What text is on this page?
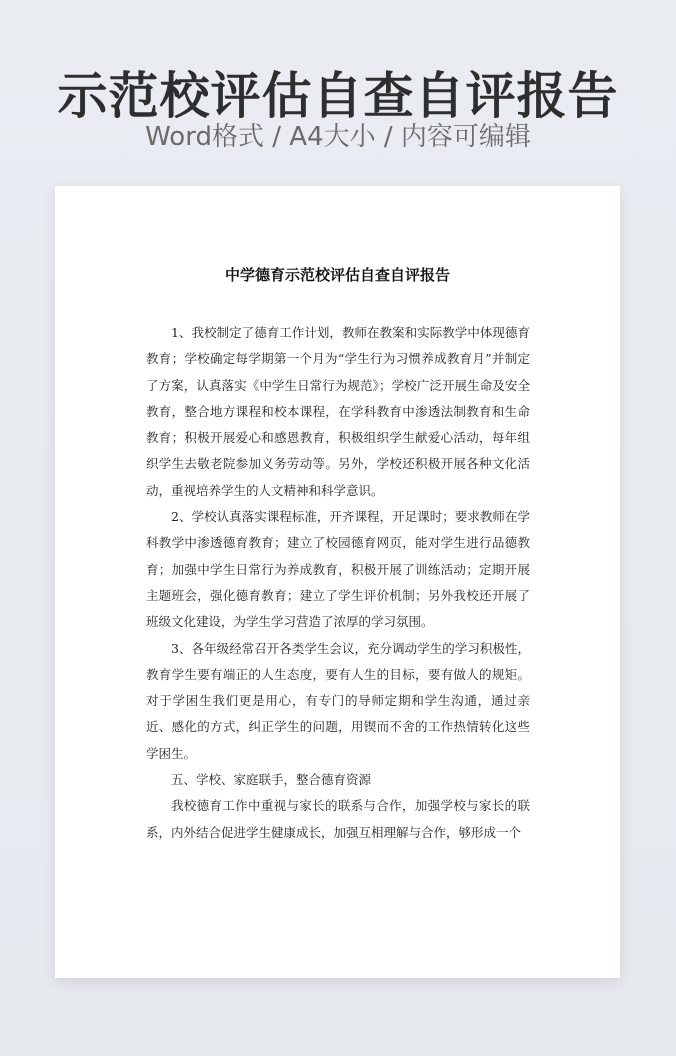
示范校评估自查自评报告
Word格式 / A4大小 / 内容可编辑
中学德育示范校评估自查自评报告

1、我校制定了德育工作计划，教师在教案和实际教学中体现德育教育；学校确定每学期第一个月为“学生行为习惯养成教育月”并制定了方案，认真落实《中学生日常行为规范》；学校广泛开展生命及安全教育，整合地方课程和校本课程，在学科教育中渗透法制教育和生命教育；积极开展爱心和感恩教育，积极组织学生献爱心活动，每年组织学生去敬老院参加义务劳动等。另外，学校还积极开展各种文化活动，重视培养学生的人文精神和科学意识。

2、学校认真落实课程标准，开齐课程，开足课时；要求教师在学科教学中渗透德育教育；建立了校园德育网页，能对学生进行品德教育；加强中学生日常行为养成教育，积极开展了训练活动；定期开展主题班会，强化德育教育；建立了学生评价机制；另外我校还开展了班级文化建设，为学生学习营造了浓厚的学习氛围。

3、各年级经常召开各类学生会议，充分调动学生的学习积极性，教育学生要有端正的人生态度，要有人生的目标，要有做人的规矩。对于学困生我们更是用心，有专门的导师定期和学生沟通，通过亲近、感化的方式，纠正学生的问题，用锲而不舍的工作热情转化这些学困生。

五、学校、家庭联手，整合德育资源

我校德育工作中重视与家长的联系与合作，加强学校与家长的联系，内外结合促进学生健康成长，加强互相理解与合作，够形成一个
